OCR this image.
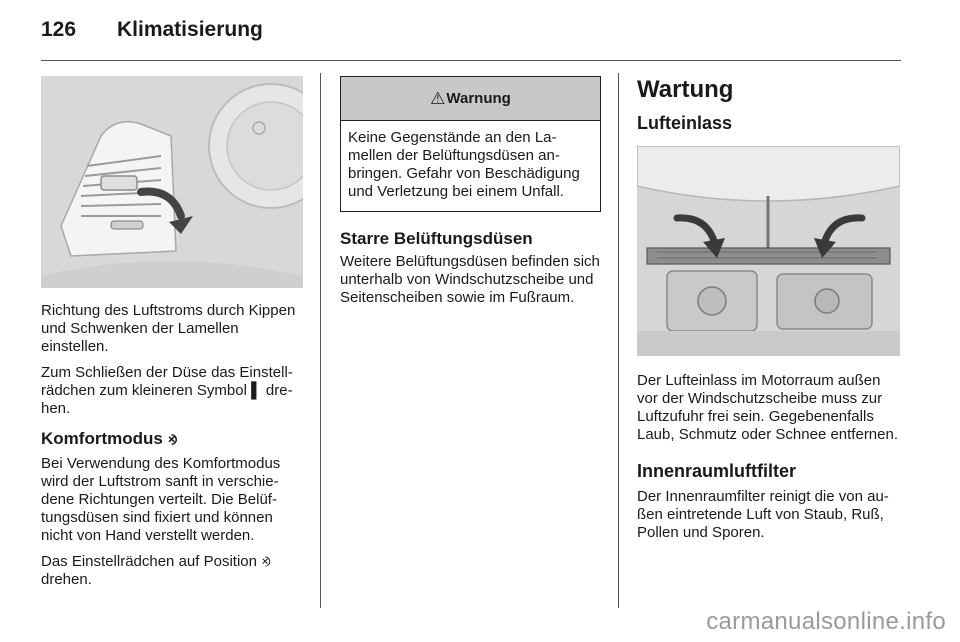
126 Klimatisierung

Richtung des Luftstroms durch Kippen und Schwenken der Lamellen einstellen.

Zum Schließen der Düse das Einstellrädchen zum kleineren Symbol ▌ drehen.

Komfortmodus ⨵

Bei Verwendung des Komfortmodus wird der Luftstrom sanft in verschiedene Richtungen verteilt. Die Belüftungsdüsen sind fixiert und können nicht von Hand verstellt werden.

Das Einstellrädchen auf Position ⨵ drehen.

⚠ Warnung

Keine Gegenstände an den Lamellen der Belüftungsdüsen anbringen. Gefahr von Beschädigung und Verletzung bei einem Unfall.

Starre Belüftungsdüsen

Weitere Belüftungsdüsen befinden sich unterhalb von Windschutzscheibe und Seitenscheiben sowie im Fußraum.

Wartung
Lufteinlass

Der Lufteinlass im Motorraum außen vor der Windschutzscheibe muss zur Luftzufuhr frei sein. Gegebenenfalls Laub, Schmutz oder Schnee entfernen.

Innenraumluftfilter

Der Innenraumfilter reinigt die von außen eintretende Luft von Staub, Ruß, Pollen und Sporen.

carmanualsonline.info
